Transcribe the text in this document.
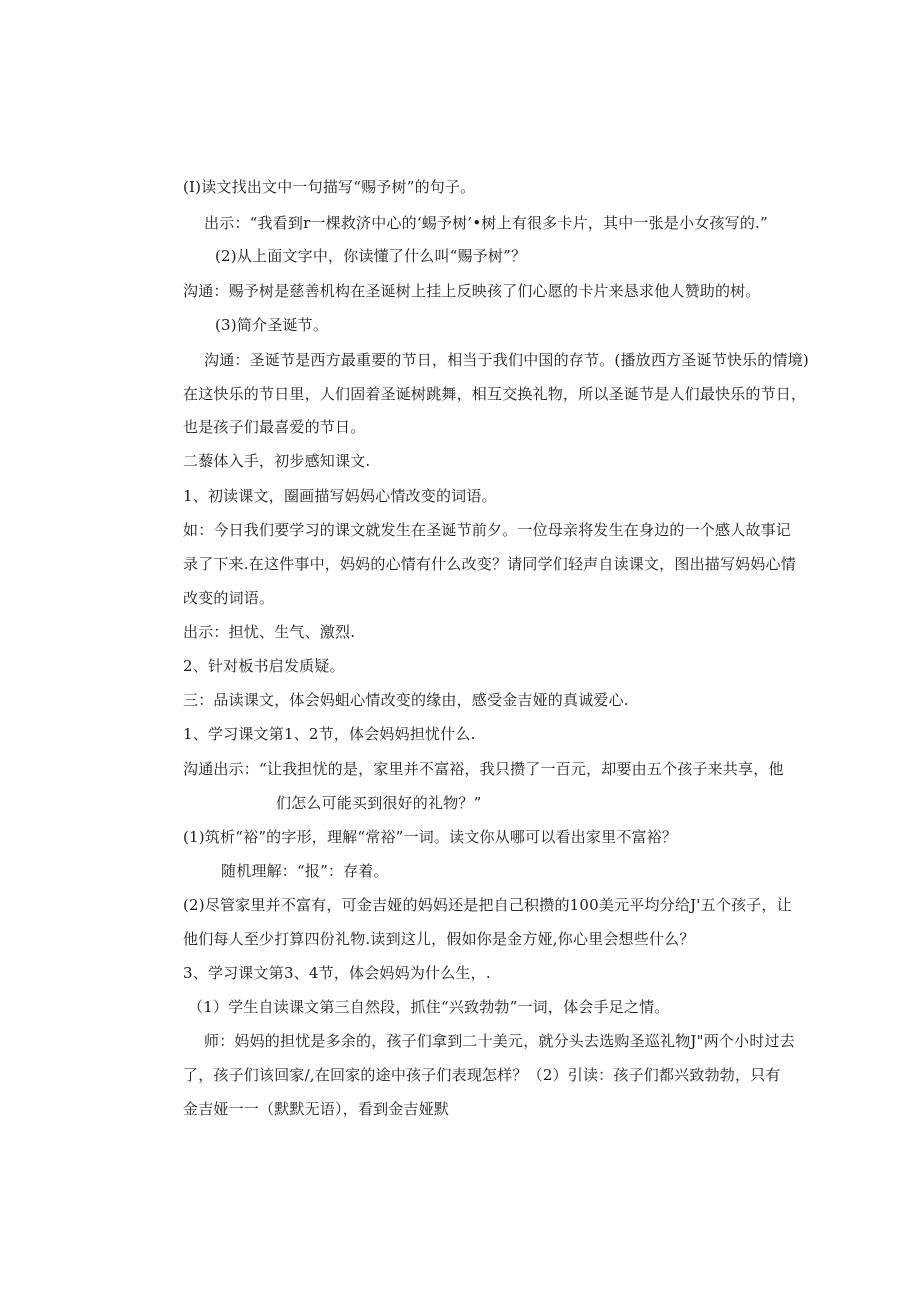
(I)读文找出文中一句描写“赐予树”的句子。
出示：“我看到r一棵救济中心的‘蜴予树’•树上有很多卡片，其中一张是小女孩写的.”
(2)从上面文字中，你读懂了什么叫“赐予树”？
沟通：赐予树是慈善机构在圣诞树上挂上反映孩了们心愿的卡片来恳求他人赞助的树。
(3)简介圣诞节。
沟通：圣诞节是西方最重要的节日，相当于我们中国的存节。(播放西方圣诞节快乐的情境)
在这快乐的节日里，人们固着圣诞树跳舞，相互交换礼物，所以圣诞节是人们最快乐的节日，
也是孩子们最喜爱的节日。
二藜体入手，初步感知课文.
1、初读课文，圈画描写妈妈心情改变的词语。
如：今日我们要学习的课文就发生在圣诞节前夕。一位母亲将发生在身边的一个感人故事记
录了下来.在这件事中，妈妈的心情有什么改变？请同学们轻声自读课文，图出描写妈妈心情
改变的词语。
出示：担忧、生气、激烈.
2、针对板书启发质疑。
三：品读课文，体会妈蛆心情改变的缘由，感受金吉娅的真诚爱心.
1、学习课文第1、2节，体会妈妈担忧什么.
沟通出示：“让我担忧的是，家里并不富裕，我只攒了一百元，却要由五个孩子来共享，他
们怎么可能买到很好的礼物？”
(1)筑析“裕”的字形，理解“常裕”一词。读文你从哪可以看出家里不富裕？
随机理解：“报”：存着。
(2)尽管家里并不富有，可金吉娅的妈妈还是把自己积攒的100美元平均分给J'五个孩子，让
他们每人至少打算四份礼物.读到这儿，假如你是金方娅,你心里会想些什么？
3、学习课文第3、4节，体会妈妈为什么生，.
（1）学生自读课文第三自然段，抓住“兴致勃勃”一词，体会手足之情。
师：妈妈的担忧是多余的，孩子们拿到二十美元，就分头去选购圣巡礼物J"两个小时过去
了，孩子们该回家/,在回家的途中孩子们表现怎样？（2）引读：孩子们都兴致勃勃，只有
金吉娅一一（默默无语），看到金吉娅默
